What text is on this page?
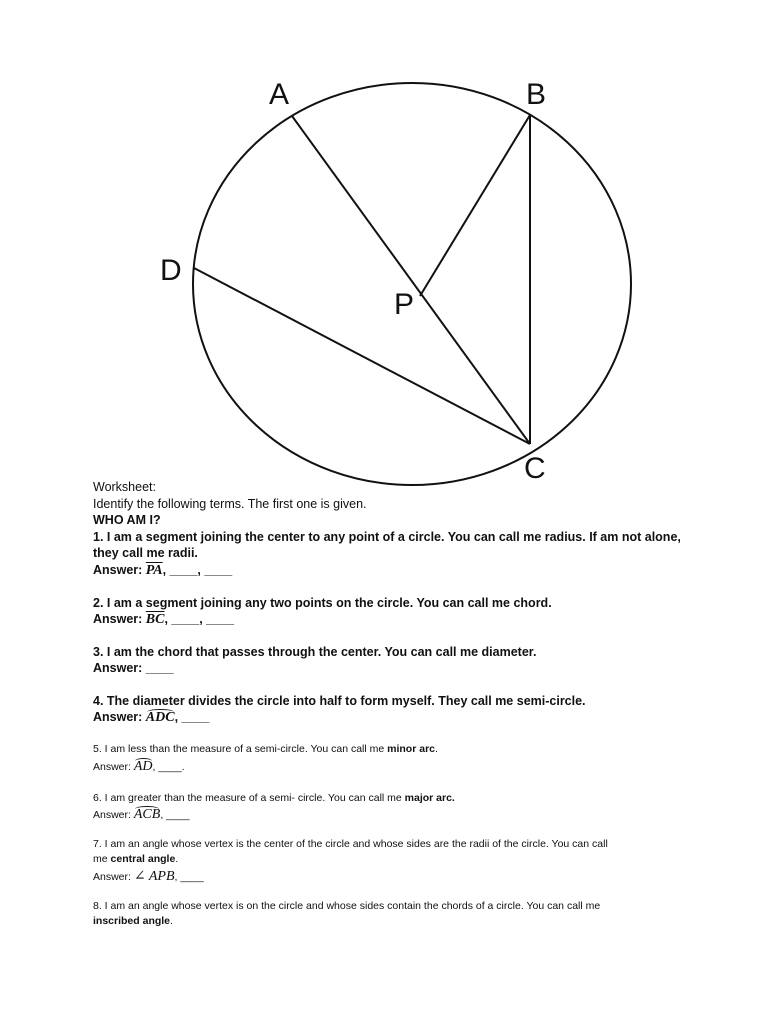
A	B
D
P
C
Worksheet:
Identify the following terms. The first one is given.
WHO AM I?
1. I am a segment joining the center to any point of a circle. You can call me radius. If am not alone,
they call me radii.
Answer: $\overline{PA}$, ____, ____
2. I am a segment joining any two points on the circle. You can call me chord.
Answer: $\overline{BC}$, ____, ____
3. I am the chord that passes through the center. You can call me diameter.
Answer: ____
4. The diameter divides the circle into half to form myself. They call me semi-circle.
Answer: ADC, ____
5. I am less than the measure of a semi-circle. You can call me minor arc.
Answer: AD, ____.
6. I am greater than the measure of a semi- circle. You can call me major arc.
Answer: ACB, ____
7. I am an angle whose vertex is the center of the circle and whose sides are the radii of the circle. You can call
me central angle.
Answer: ∠ APB, ____
8. I am an angle whose vertex is on the circle and whose sides contain the chords of a circle. You can call me
inscribed angle.
